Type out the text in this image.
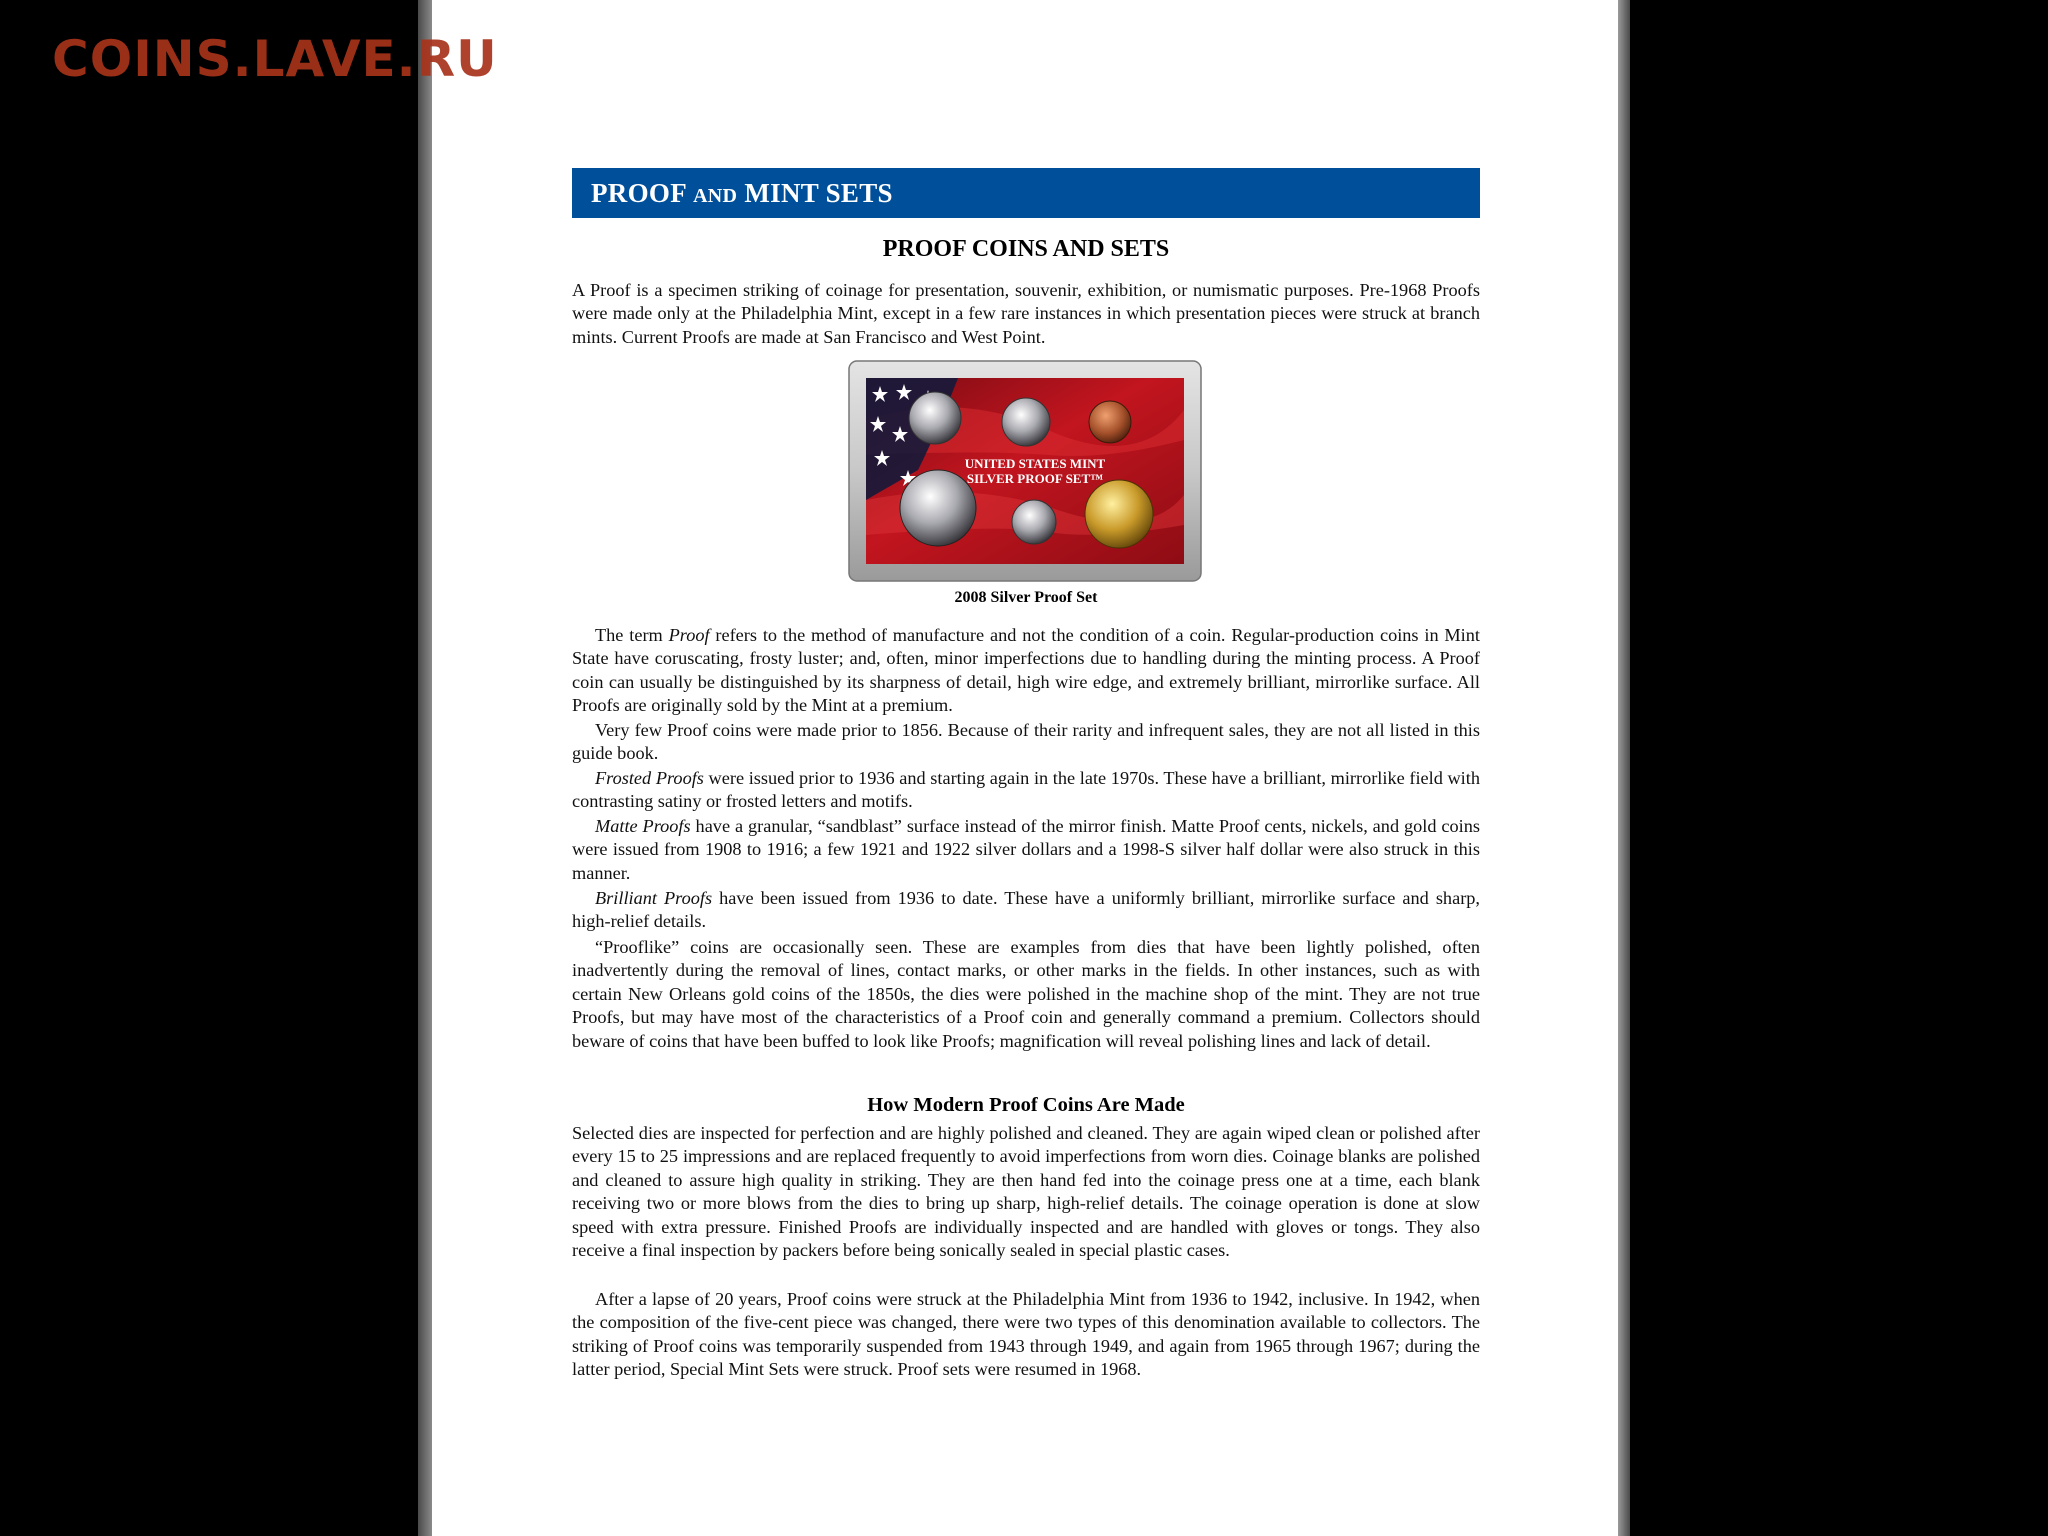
PROOF AND MINT SETS
PROOF COINS AND SETS

A Proof is a specimen striking of coinage for presentation, souvenir, exhibition, or numismatic purposes. Pre-1968 Proofs were made only at the Philadelphia Mint, except in a few rare instances in which presentation pieces were struck at branch mints. Current Proofs are made at San Francisco and West Point.

UNITED STATES MINT
SILVER PROOF SET™
2008 Silver Proof Set

The term Proof refers to the method of manufacture and not the condition of a coin. Regular-production coins in Mint State have coruscating, frosty luster; and, often, minor imperfections due to handling during the minting process. A Proof coin can usually be distinguished by its sharpness of detail, high wire edge, and extremely brilliant, mirrorlike surface. All Proofs are originally sold by the Mint at a premium.

Very few Proof coins were made prior to 1856. Because of their rarity and infrequent sales, they are not all listed in this guide book.

Frosted Proofs were issued prior to 1936 and starting again in the late 1970s. These have a brilliant, mirrorlike field with contrasting satiny or frosted letters and motifs.

Matte Proofs have a granular, “sandblast” surface instead of the mirror finish. Matte Proof cents, nickels, and gold coins were issued from 1908 to 1916; a few 1921 and 1922 silver dollars and a 1998-S silver half dollar were also struck in this manner.

Brilliant Proofs have been issued from 1936 to date. These have a uniformly brilliant, mirrorlike surface and sharp, high-relief details.

“Prooflike” coins are occasionally seen. These are examples from dies that have been lightly polished, often inadvertently during the removal of lines, contact marks, or other marks in the fields. In other instances, such as with certain New Orleans gold coins of the 1850s, the dies were polished in the machine shop of the mint. They are not true Proofs, but may have most of the characteristics of a Proof coin and generally command a premium. Collectors should beware of coins that have been buffed to look like Proofs; magnification will reveal polishing lines and lack of detail.

How Modern Proof Coins Are Made

Selected dies are inspected for perfection and are highly polished and cleaned. They are again wiped clean or polished after every 15 to 25 impressions and are replaced frequently to avoid imperfections from worn dies. Coinage blanks are polished and cleaned to assure high quality in striking. They are then hand fed into the coinage press one at a time, each blank receiving two or more blows from the dies to bring up sharp, high-relief details. The coinage operation is done at slow speed with extra pressure. Finished Proofs are individually inspected and are handled with gloves or tongs. They also receive a final inspection by packers before being sonically sealed in special plastic cases.

After a lapse of 20 years, Proof coins were struck at the Philadelphia Mint from 1936 to 1942, inclusive. In 1942, when the composition of the five-cent piece was changed, there were two types of this denomination available to collectors. The striking of Proof coins was temporarily suspended from 1943 through 1949, and again from 1965 through 1967; during the latter period, Special Mint Sets were struck. Proof sets were resumed in 1968.

COINS.LAVE.RU
